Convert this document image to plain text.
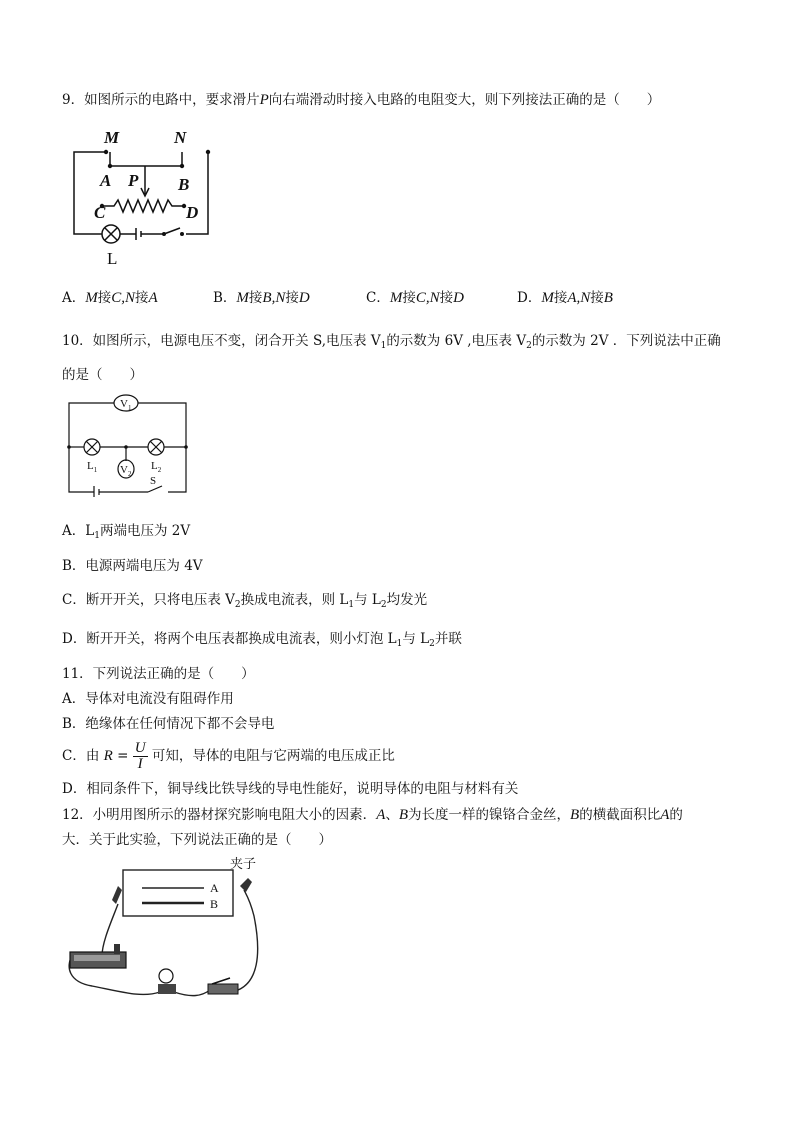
9．如图所示的电路中，要求滑片P向右端滑动时接入电路的电阻变大，则下列接法正确的是（　　）
M	N
A P B
C	D
L
A．M接C,N接A	B．M接B,N接D	C．M接C,N接D	D．M接A,N接B
10．如图所示，电源电压不变，闭合开关 S,电压表 $V_1$的示数为 6V ,电压表 $V_2$的示数为 2V ．下列说法中正确
的是（　　）
$V_1$
$V_2$
$L_1$	$L_2$
S
A．$L_1$两端电压为 2V
B．电源两端电压为 4V
C．断开开关，只将电压表 $V_2$换成电流表，则 $L_1$与 $L_2$均发光
D．断开开关，将两个电压表都换成电流表，则小灯泡 $L_1$与 $L_2$并联
11．下列说法正确的是（　　）
A．导体对电流没有阻碍作用
B．绝缘体在任何情况下都不会导电
C．由 $R = \frac{U}{I}$ 可知，导体的电阻与它两端的电压成正比
D．相同条件下，铜导线比铁导线的导电性能好，说明导体的电阻与材料有关
12．小明用图所示的器材探究影响电阻大小的因素．A、B为长度一样的镍铬合金丝，B的横截面积比A的
大．关于此实验，下列说法正确的是（　　）
A
B
夹子
